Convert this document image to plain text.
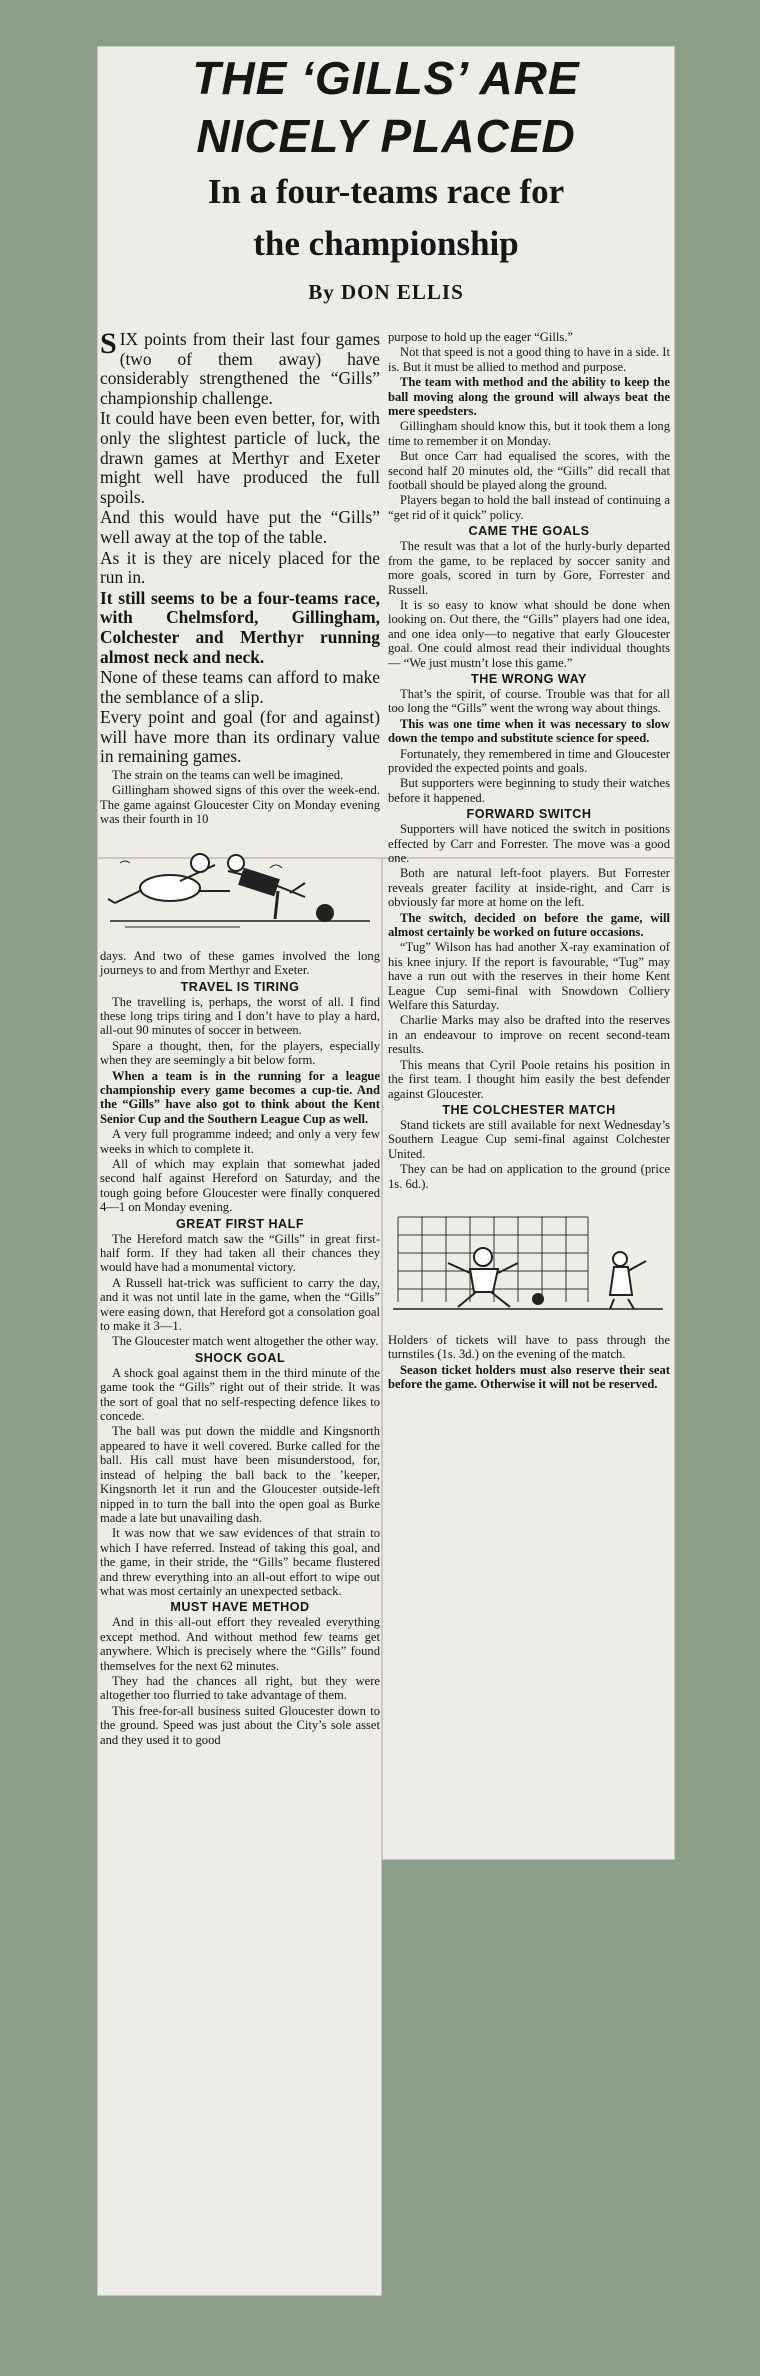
THE ‘GILLS’ ARE
NICELY PLACED
In a four-teams race for
the championship
By DON ELLIS

SIX points from their last four games (two of them away) have considerably strengthened the “Gills” championship challenge.

It could have been even better, for, with only the slightest particle of luck, the drawn games at Merthyr and Exeter might well have produced the full spoils.

And this would have put the “Gills” well away at the top of the table.

As it is they are nicely placed for the run in.

It still seems to be a four-teams race, with Chelmsford, Gillingham, Colchester and Merthyr running almost neck and neck.

None of these teams can afford to make the semblance of a slip.

Every point and goal (for and against) will have more than its ordinary value in remaining games.

The strain on the teams can well be imagined.

Gillingham showed signs of this over the week-end. The game against Gloucester City on Monday evening was their fourth in 10

days. And two of these games involved the long journeys to and from Merthyr and Exeter.

TRAVEL IS TIRING

The travelling is, perhaps, the worst of all. I find these long trips tiring and I don’t have to play a hard, all-out 90 minutes of soccer in between.

Spare a thought, then, for the players, especially when they are seemingly a bit below form.

When a team is in the running for a league championship every game becomes a cup-tie. And the “Gills” have also got to think about the Kent Senior Cup and the Southern League Cup as well.

A very full programme indeed; and only a very few weeks in which to complete it.

All of which may explain that somewhat jaded second half against Hereford on Saturday, and the tough going before Gloucester were finally conquered 4—1 on Monday evening.

GREAT FIRST HALF

The Hereford match saw the “Gills” in great first-half form. If they had taken all their chances they would have had a monumental victory.

A Russell hat-trick was sufficient to carry the day, and it was not until late in the game, when the “Gills” were easing down, that Hereford got a consolation goal to make it 3—1.

The Gloucester match went altogether the other way.

SHOCK GOAL

A shock goal against them in the third minute of the game took the “Gills” right out of their stride. It was the sort of goal that no self-respecting defence likes to concede.

The ball was put down the middle and Kingsnorth appeared to have it well covered. Burke called for the ball. His call must have been misunderstood, for, instead of helping the ball back to the ’keeper, Kingsnorth let it run and the Gloucester outside-left nipped in to turn the ball into the open goal as Burke made a late but unavailing dash.

It was now that we saw evidences of that strain to which I have referred. Instead of taking this goal, and the game, in their stride, the “Gills” became flustered and threw everything into an all-out effort to wipe out what was most certainly an unexpected setback.

MUST HAVE METHOD

And in this all-out effort they revealed everything except method. And without method few teams get anywhere. Which is precisely where the “Gills” found themselves for the next 62 minutes.

They had the chances all right, but they were altogether too flurried to take advantage of them.

This free-for-all business suited Gloucester down to the ground. Speed was just about the City’s sole asset and they used it to good

purpose to hold up the eager “Gills.”

Not that speed is not a good thing to have in a side. It is. But it must be allied to method and purpose.

The team with method and the ability to keep the ball moving along the ground will always beat the mere speedsters.

Gillingham should know this, but it took them a long time to remember it on Monday.

But once Carr had equalised the scores, with the second half 20 minutes old, the “Gills” did recall that football should be played along the ground.

Players began to hold the ball instead of continuing a “get rid of it quick” policy.

CAME THE GOALS

The result was that a lot of the hurly-burly departed from the game, to be replaced by soccer sanity and more goals, scored in turn by Gore, Forrester and Russell.

It is so easy to know what should be done when looking on. Out there, the “Gills” players had one idea, and one idea only—to negative that early Gloucester goal. One could almost read their individual thoughts — “We just mustn’t lose this game.”

THE WRONG WAY

That’s the spirit, of course. Trouble was that for all too long the “Gills” went the wrong way about things.

This was one time when it was necessary to slow down the tempo and substitute science for speed.

Fortunately, they remembered in time and Gloucester provided the expected points and goals.

But supporters were beginning to study their watches before it happened.

FORWARD SWITCH

Supporters will have noticed the switch in positions effected by Carr and Forrester. The move was a good one.

Both are natural left-foot players. But Forrester reveals greater facility at inside-right, and Carr is obviously far more at home on the left.

The switch, decided on before the game, will almost certainly be worked on future occasions.

“Tug” Wilson has had another X-ray examination of his knee injury. If the report is favourable, “Tug” may have a run out with the reserves in their home Kent League Cup semi-final with Snowdown Colliery Welfare this Saturday.

Charlie Marks may also be drafted into the reserves in an endeavour to improve on recent second-team results.

This means that Cyril Poole retains his position in the first team. I thought him easily the best defender against Gloucester.

THE COLCHESTER MATCH

Stand tickets are still available for next Wednesday’s Southern League Cup semi-final against Colchester United.

They can be had on application to the ground (price 1s. 6d.).

Holders of tickets will have to pass through the turnstiles (1s. 3d.) on the evening of the match.

Season ticket holders must also reserve their seat before the game. Otherwise it will not be reserved.
